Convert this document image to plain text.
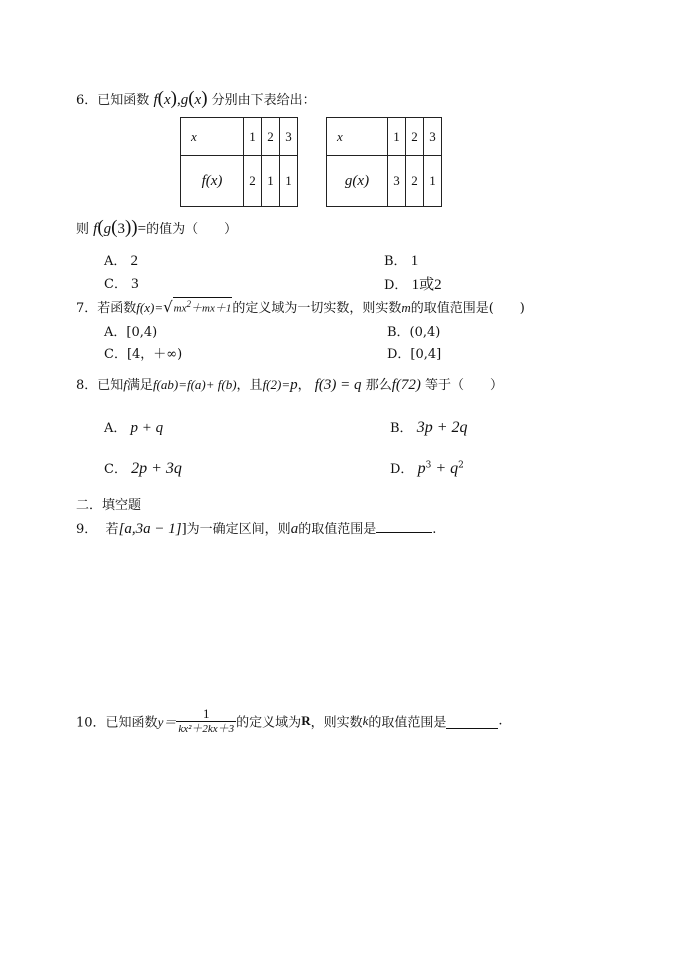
6．已知函数 f(x),g(x) 分别由下表给出：
x	1	2	3
f(x)	2	1	1
x	1	2	3
g(x)	3	2	1
则 f(g(3))=的值为（　　）
A． 2	B． 1
C． 3	D． 1或2
7．若函数$f(x)=√mx^2+mx+1$的定义域为一切实数，则实数m的取值范围是(　　)
A．[0,4)	B．(0,4)
C．[4，＋∞)	D．[0,4]
8．已知f满足f(ab)=f(a)+ f(b)，且f(2)=p， f(3) = q 那么f(72) 等于（　　）
A． p + q	B． 3p + 2q
C． 2p + 3q	D． $p^3 + q^2$
二．填空题
9． 若[a,3a − 1]]为一确定区间，则a的取值范围是	.
10．已知函数$y= \frac{1}{\text{kx²＋2kx＋3}}$ 的定义域为R，则实数k的取值范围是	.
